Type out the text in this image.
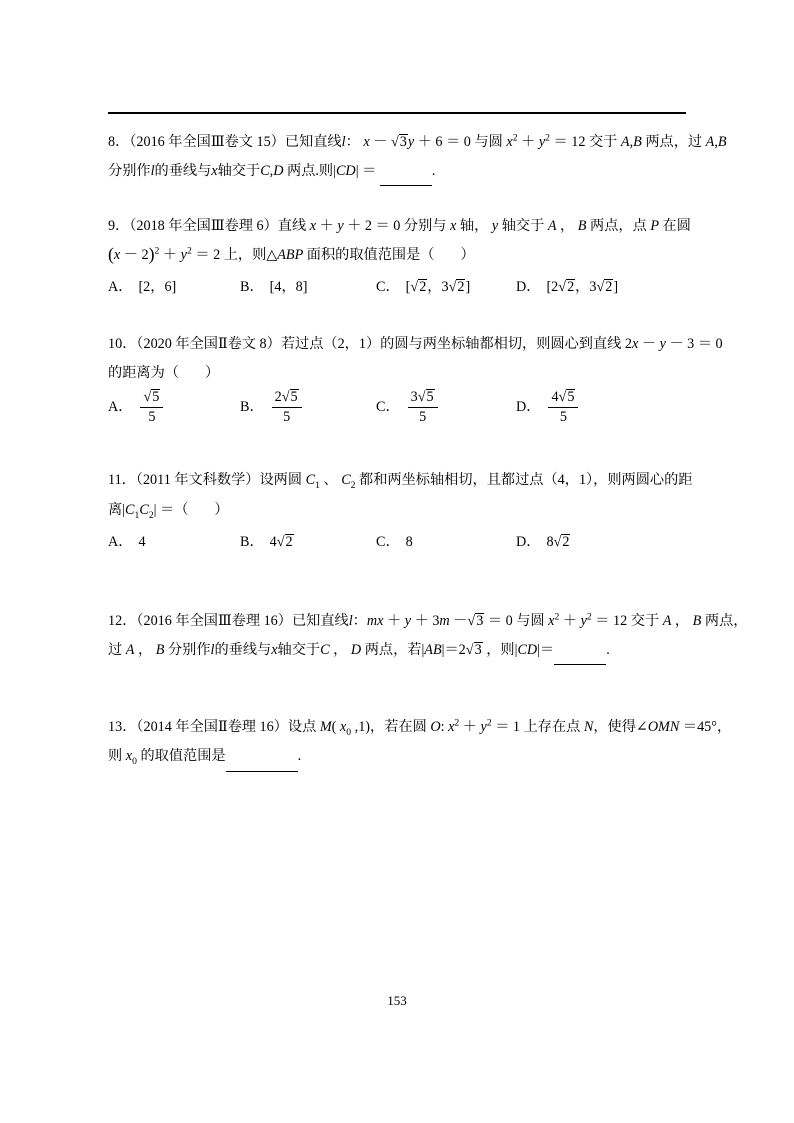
8．（2016 年全国Ⅲ卷文 15）已知直线l： x － √3y ＋ 6 ＝ 0 与圆 $x^2 + y^2 = 12$ 交于 A,B 两点，过 A,B
分别作l的垂线与x轴交于C,D 两点.则|CD| ＝	.
9．（2018 年全国Ⅲ卷理 6）直线 x ＋ y ＋ 2 ＝ 0 分别与 x 轴， y 轴交于 A ， B 两点，点 P 在圆
$(x - 2)^2 + y^2 = 2$ 上，则△ABP 面积的取值范围是（ ）
A． [2，6]	B． [4，8]	C． [√2，3√2]	D． [2√2，3√2]
10．（2020 年全国Ⅱ卷文 8）若过点（2，1）的圆与两坐标轴都相切，则圆心到直线 2x － y － 3 ＝ 0
的距离为（ ）
A． $\frac{√5}{5}$	B． $\frac{2√5}{5}$	C． $\frac{3√5}{5}$	D． $\frac{4√5}{5}$
11．（2011 年文科数学）设两圆 $C_1$ 、 $C_2$ 都和两坐标轴相切，且都过点（4，1），则两圆心的距
离$|C_1C_2|$ ＝（ ）
A． 4	B． 4√2	C． 8	D． 8√2
12．（2016 年全国Ⅲ卷理 16）已知直线l：mx ＋ y ＋ 3m －√3 ＝ 0 与圆 $x^2 + y^2 = 12$ 交于 A ， B 两点，
过 A ， B 分别作l的垂线与x轴交于C ， D 两点，若|AB|＝2√3 ，则|CD|＝	.
13．（2014 年全国Ⅱ卷理 16）设点 M( $x_0$ ,1)，若在圆 O: $x^2 + y^2 = 1$ 上存在点 N，使得∠OMN ＝45°，
则 $x_0$ 的取值范围是	.
153
